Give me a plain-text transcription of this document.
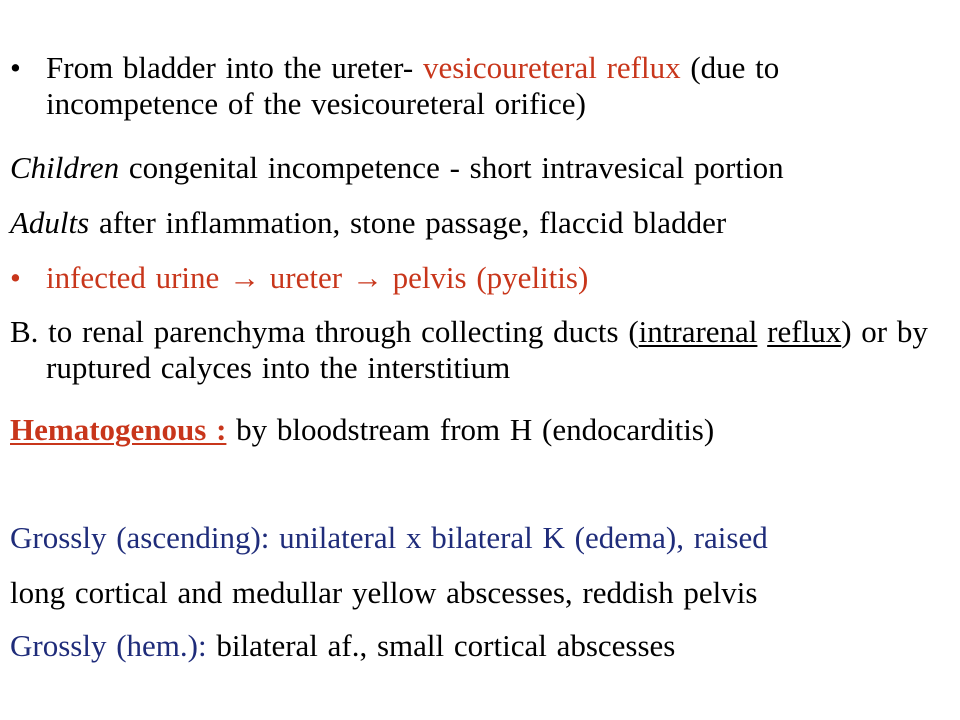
• From bladder into the ureter- vesicoureteral reflux (due to incompetence of the vesicoureteral orifice)
Children congenital incompetence - short intravesical portion
Adults after inflammation, stone passage, flaccid bladder
• infected urine → ureter → pelvis (pyelitis)
B. to renal parenchyma through collecting ducts (intrarenal reflux) or by ruptured calyces into the interstitium
Hematogenous : by bloodstream from H (endocarditis)
Grossly (ascending): unilateral x bilateral K (edema), raised
long cortical and medullar yellow abscesses, reddish pelvis
Grossly (hem.): bilateral af., small cortical abscesses
